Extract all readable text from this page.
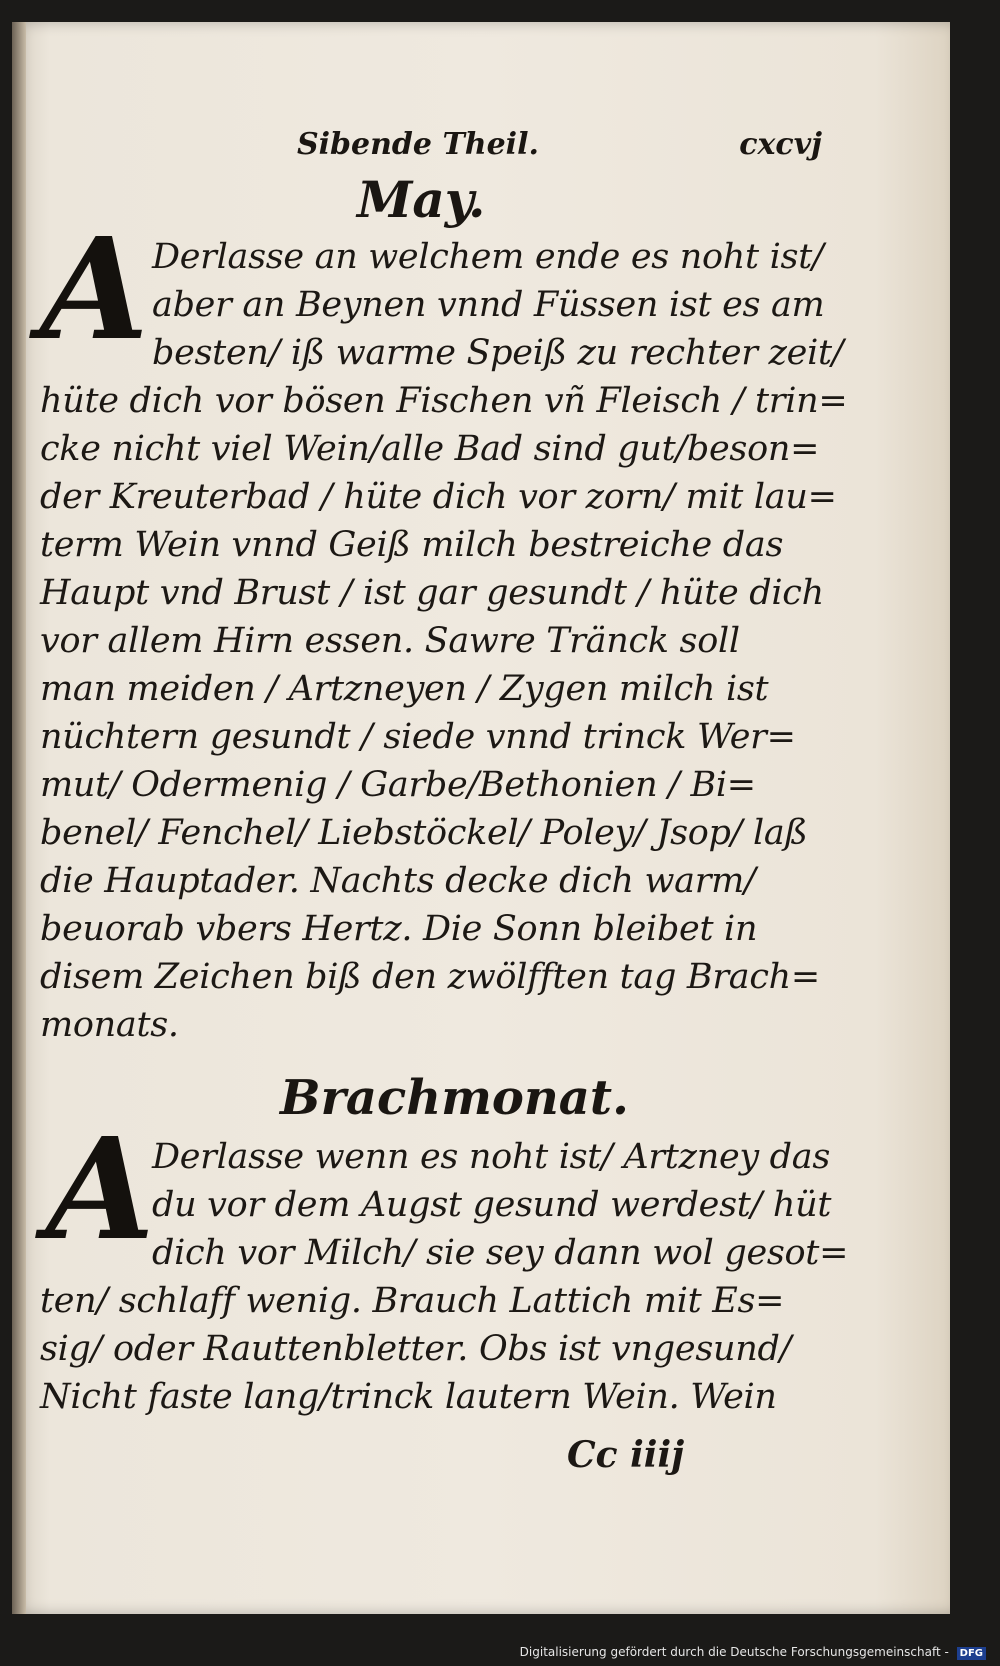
Sibende Theil.	cxcvj
May.
A Derlasse an welchem ende es noht ist/
aber an Beynen vnnd Füssen ist es am
besten/ iß warme Speiß zu rechter zeit/
hüte dich vor bösen Fischen vñ Fleisch / trin=
cke nicht viel Wein/alle Bad sind gut/beson=
der Kreuterbad / hüte dich vor zorn/ mit lau=
term Wein vnnd Geiß milch bestreiche das
Haupt vnd Brust / ist gar gesundt / hüte dich
vor allem Hirn essen. Sawre Tränck soll
man meiden / Artzneyen / Zygen milch ist
nüchtern gesundt / siede vnnd trinck Wer=
mut/ Odermenig / Garbe/Bethonien / Bi=
benel/ Fenchel/ Liebstöckel/ Poley/ Jsop/ laß
die Hauptader. Nachts decke dich warm/
beuorab vbers Hertz. Die Sonn bleibet in
disem Zeichen biß den zwölfften tag Brach=
monats.
Brachmonat.
A
Derlasse wenn es noht ist/ Artzney das
du vor dem Augst gesund werdest/ hüt
dich vor Milch/ sie sey dann wol gesot=
ten/ schlaff wenig. Brauch Lattich mit Es=
sig/ oder Rauttenbletter. Obs ist vngesund/
Nicht faste lang/trinck lautern Wein. Wein
Cc iiij
Digitalisierung gefördert durch die Deutsche Forschungsgemeinschaft - DFG
